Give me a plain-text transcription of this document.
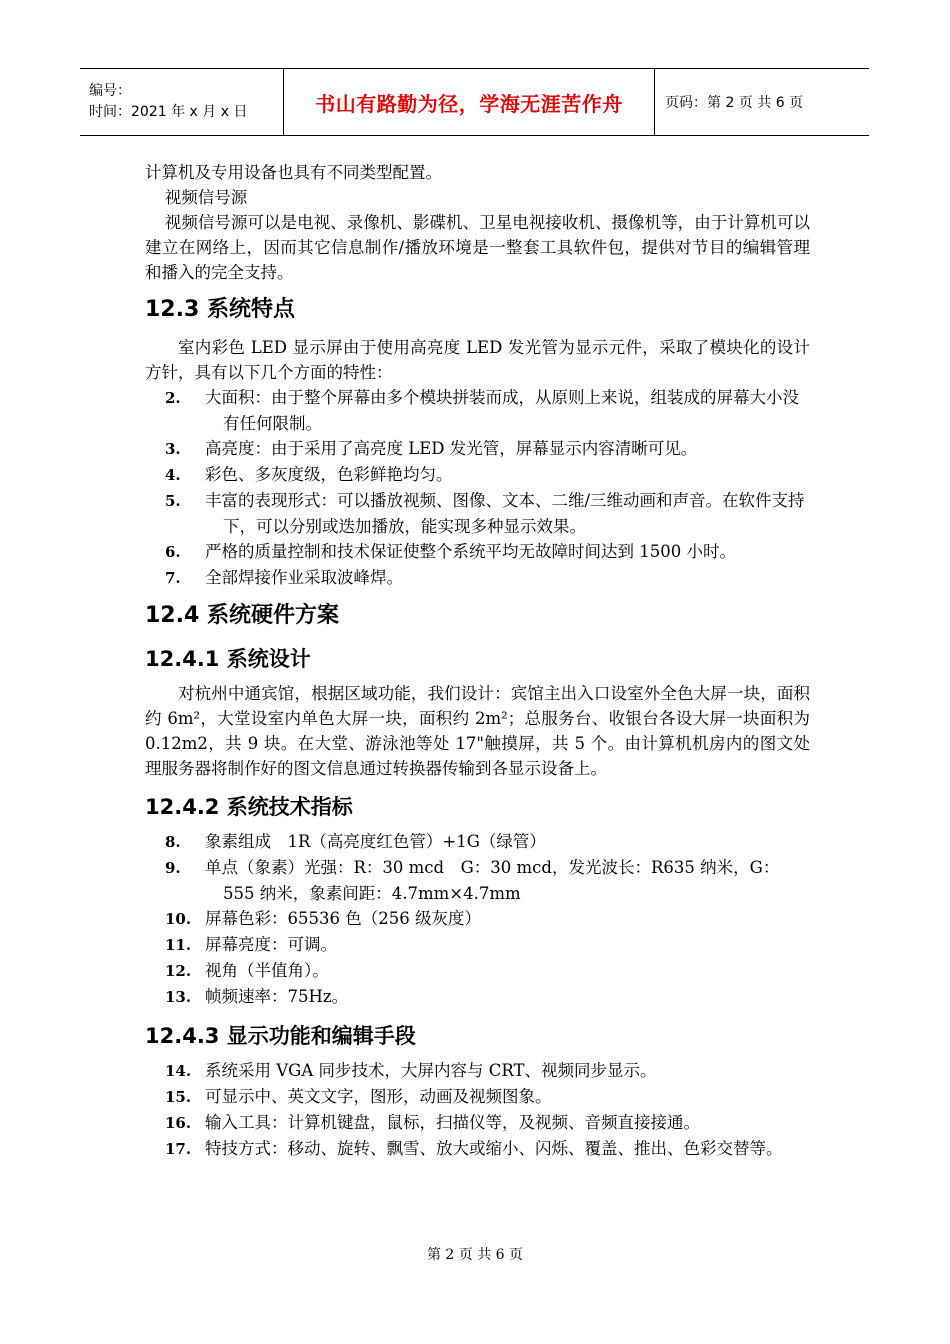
编号：
时间：2021 年 x 月 x 日	书山有路勤为径，学海无涯苦作舟	页码：第 2 页 共 6 页

计算机及专用设备也具有不同类型配置。

视频信号源

视频信号源可以是电视、录像机、影碟机、卫星电视接收机、摄像机等，由于计算机可以建立在网络上，因而其它信息制作/播放环境是一整套工具软件包，提供对节目的编辑管理和播入的完全支持。

12.3 系统特点

室内彩色 LED 显示屏由于使用高亮度 LED 发光管为显示元件，采取了模块化的设计方针，具有以下几个方面的特性：

2. 大面积：由于整个屏幕由多个模块拼装而成，从原则上来说，组装成的屏幕大小没有任何限制。
3. 高亮度：由于采用了高亮度 LED 发光管，屏幕显示内容清晰可见。
4. 彩色、多灰度级，色彩鲜艳均匀。
5. 丰富的表现形式：可以播放视频、图像、文本、二维/三维动画和声音。在软件支持下，可以分别或迭加播放，能实现多种显示效果。
6. 严格的质量控制和技术保证使整个系统平均无故障时间达到 1500 小时。
7. 全部焊接作业采取波峰焊。
12.4 系统硬件方案
12.4.1 系统设计

对杭州中通宾馆，根据区域功能，我们设计：宾馆主出入口设室外全色大屏一块，面积约 6m²，大堂设室内单色大屏一块，面积约 2m²；总服务台、收银台各设大屏一块面积为 0.12m2，共 9 块。在大堂、游泳池等处 17"触摸屏，共 5 个。由计算机机房内的图文处理服务器将制作好的图文信息通过转换器传输到各显示设备上。

12.4.2 系统技术指标
8. 象素组成　1R（高亮度红色管）+1G（绿管）
9. 单点（象素）光强：R：30 mcd　G：30 mcd，发光波长：R635 纳米，G：555 纳米，象素间距：4.7mm×4.7mm
10. 屏幕色彩：65536 色（256 级灰度）
11. 屏幕亮度：可调。
12. 视角（半值角）。
13. 帧频速率：75Hz。
12.4.3 显示功能和编辑手段
14. 系统采用 VGA 同步技术，大屏内容与 CRT、视频同步显示。
15. 可显示中、英文文字，图形，动画及视频图象。
16. 输入工具：计算机键盘，鼠标，扫描仪等，及视频、音频直接接通。
17. 特技方式：移动、旋转、飘雪、放大或缩小、闪烁、覆盖、推出、色彩交替等。
第 2 页 共 6 页
